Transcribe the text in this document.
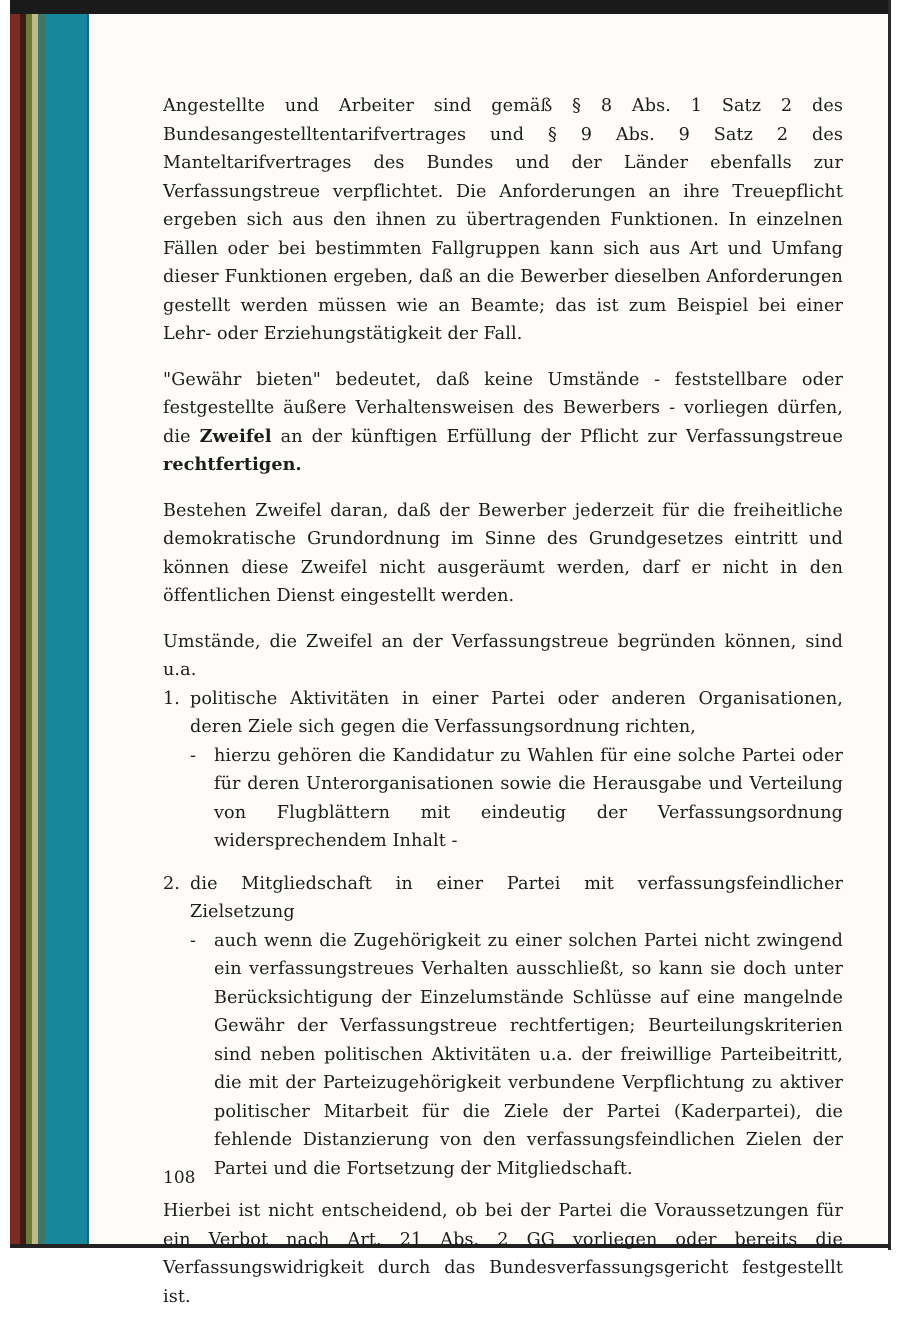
Angestellte und Arbeiter sind gemäß § 8 Abs. 1 Satz 2 des Bundesangestelltentarifvertrages und § 9 Abs. 9 Satz 2 des Manteltarifvertrages des Bundes und der Länder ebenfalls zur Verfassungstreue verpflichtet. Die Anforderungen an ihre Treuepflicht ergeben sich aus den ihnen zu übertragenden Funktionen. In einzelnen Fällen oder bei bestimmten Fallgruppen kann sich aus Art und Umfang dieser Funktionen ergeben, daß an die Bewerber dieselben Anforderungen gestellt werden müssen wie an Beamte; das ist zum Beispiel bei einer Lehr- oder Erziehungstätigkeit der Fall.

"Gewähr bieten" bedeutet, daß keine Umstände - feststellbare oder festgestellte äußere Verhaltensweisen des Bewerbers - vorliegen dürfen, die Zweifel an der künftigen Erfüllung der Pflicht zur Verfassungstreue rechtfertigen.

Bestehen Zweifel daran, daß der Bewerber jederzeit für die freiheitliche demokratische Grundordnung im Sinne des Grundgesetzes eintritt und können diese Zweifel nicht ausgeräumt werden, darf er nicht in den öffentlichen Dienst eingestellt werden.

Umstände, die Zweifel an der Verfassungstreue begründen können, sind u.a.

1. politische Aktivitäten in einer Partei oder anderen Organisationen, deren Ziele sich gegen die Verfassungsordnung richten,
-	hierzu gehören die Kandidatur zu Wahlen für eine solche Partei oder für deren Unterorganisationen sowie die Herausgabe und Verteilung von Flugblättern mit eindeutig der Verfassungsordnung widersprechendem Inhalt -
2. die Mitgliedschaft in einer Partei mit verfassungsfeindlicher Zielsetzung
-	auch wenn die Zugehörigkeit zu einer solchen Partei nicht zwingend ein verfassungstreues Verhalten ausschließt, so kann sie doch unter Berücksichtigung der Einzelumstände Schlüsse auf eine mangelnde Gewähr der Verfassungstreue rechtfertigen; Beurteilungskriterien sind neben politischen Aktivitäten u.a. der freiwillige Parteibeitritt, die mit der Parteizugehörigkeit verbundene Verpflichtung zu aktiver politischer Mitarbeit für die Ziele der Partei (Kaderpartei), die fehlende Distanzierung von den verfassungsfeindlichen Zielen der Partei und die Fortsetzung der Mitgliedschaft.

Hierbei ist nicht entscheidend, ob bei der Partei die Voraussetzungen für ein Verbot nach Art. 21 Abs. 2 GG vorliegen oder bereits die Verfassungswidrigkeit durch das Bundesverfassungsgericht festgestellt ist.

108
